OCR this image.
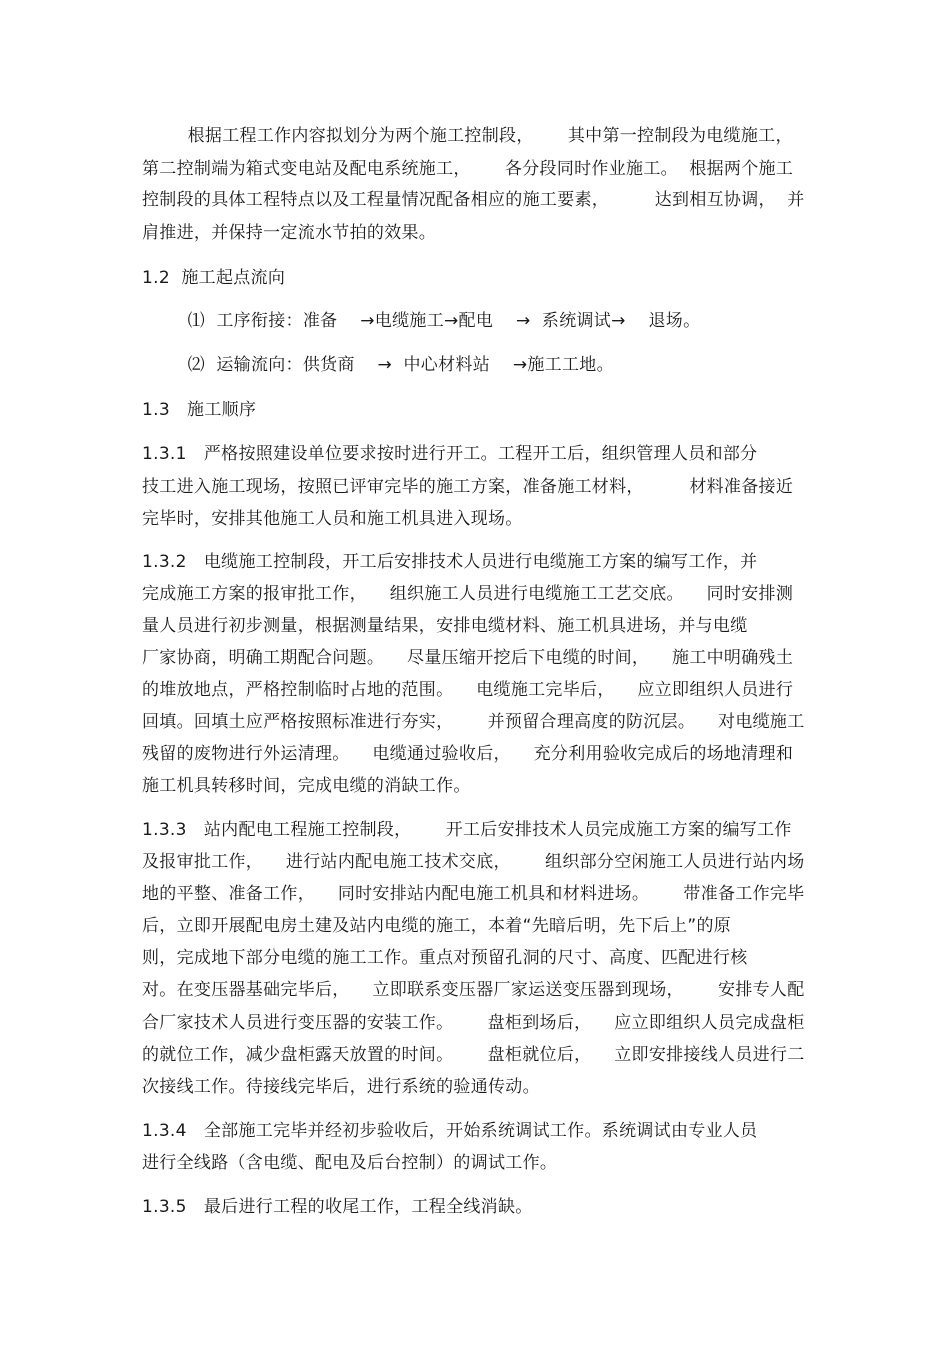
根据工程工作内容拟划分为两个施工控制段，      其中第一控制段为电缆施工，
第二控制端为箱式变电站及配电系统施工，      各分段同时作业施工。  根据两个施工
控制段的具体工程特点以及工程量情况配备相应的施工要素，        达到相互协调，  并
肩推进，并保持一定流水节拍的效果。
1.2  施工起点流向
⑴  工序衔接：准备    →电缆施工→配电    →  系统调试→    退场。
⑵  运输流向：供货商    →  中心材料站    →施工工地。
1.3   施工顺序
1.3.1   严格按照建设单位要求按时进行开工。工程开工后，组织管理人员和部分
技工进入施工现场，按照已评审完毕的施工方案，准备施工材料，        材料准备接近
完毕时，安排其他施工人员和施工机具进入现场。
1.3.2   电缆施工控制段，开工后安排技术人员进行电缆施工方案的编写工作，并
完成施工方案的报审批工作，    组织施工人员进行电缆施工工艺交底。    同时安排测
量人员进行初步测量，根据测量结果，安排电缆材料、施工机具进场，并与电缆
厂家协商，明确工期配合问题。    尽量压缩开挖后下电缆的时间，    施工中明确残土
的堆放地点，严格控制临时占地的范围。    电缆施工完毕后，    应立即组织人员进行
回填。回填土应严格按照标准进行夯实，      并预留合理高度的防沉层。    对电缆施工
残留的废物进行外运清理。    电缆通过验收后，    充分利用验收完成后的场地清理和
施工机具转移时间，完成电缆的消缺工作。
1.3.3   站内配电工程施工控制段，      开工后安排技术人员完成施工方案的编写工作
及报审批工作，    进行站内配电施工技术交底，      组织部分空闲施工人员进行站内场
地的平整、准备工作，    同时安排站内配电施工机具和材料进场。      带准备工作完毕
后，立即开展配电房土建及站内电缆的施工，本着“先暗后明，先下后上”的原
则，完成地下部分电缆的施工工作。重点对预留孔洞的尺寸、高度、匹配进行核
对。在变压器基础完毕后，    立即联系变压器厂家运送变压器到现场，      安排专人配
合厂家技术人员进行变压器的安装工作。      盘柜到场后，    应立即组织人员完成盘柜
的就位工作，减少盘柜露天放置的时间。      盘柜就位后，    立即安排接线人员进行二
次接线工作。待接线完毕后，进行系统的验通传动。
1.3.4   全部施工完毕并经初步验收后，开始系统调试工作。系统调试由专业人员
进行全线路（含电缆、配电及后台控制）的调试工作。
1.3.5   最后进行工程的收尾工作，工程全线消缺。
